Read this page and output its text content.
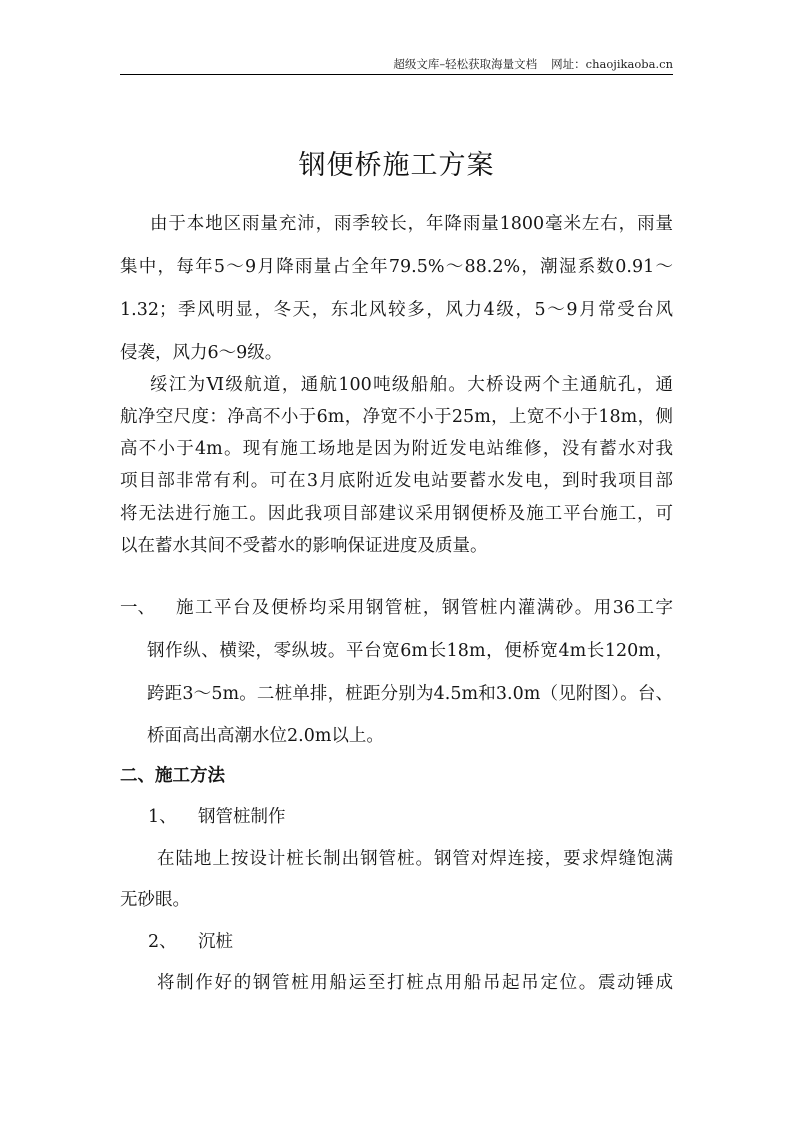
超级文库–轻松获取海量文档 网址：chaojikaoba.cn
钢便桥施工方案
由于本地区雨量充沛，雨季较长，年降雨量1800毫米左右，雨量
集中，每年5～9月降雨量占全年79.5%～88.2%，潮湿系数0.91～
1.32；季风明显，冬天，东北风较多，风力4级，5～9月常受台风
侵袭，风力6～9级。
绥江为Ⅵ级航道，通航100吨级船舶。大桥设两个主通航孔，通
航净空尺度：净高不小于6m，净宽不小于25m，上宽不小于18m，侧
高不小于4m。现有施工场地是因为附近发电站维修，没有蓄水对我
项目部非常有利。可在3月底附近发电站要蓄水发电，到时我项目部
将无法进行施工。因此我项目部建议采用钢便桥及施工平台施工，可
以在蓄水其间不受蓄水的影响保证进度及质量。
一、 施工平台及便桥均采用钢管桩，钢管桩内灌满砂。用36工字
钢作纵、横梁，零纵坡。平台宽6m长18m，便桥宽4m长120m，
跨距3～5m。二桩单排，桩距分别为4.5m和3.0m（见附图）。台、
桥面高出高潮水位2.0m以上。
二、施工方法
1、 钢管桩制作
在陆地上按设计桩长制出钢管桩。钢管对焊连接，要求焊缝饱满
无砂眼。
2、 沉桩
将制作好的钢管桩用船运至打桩点用船吊起吊定位。震动锤成
